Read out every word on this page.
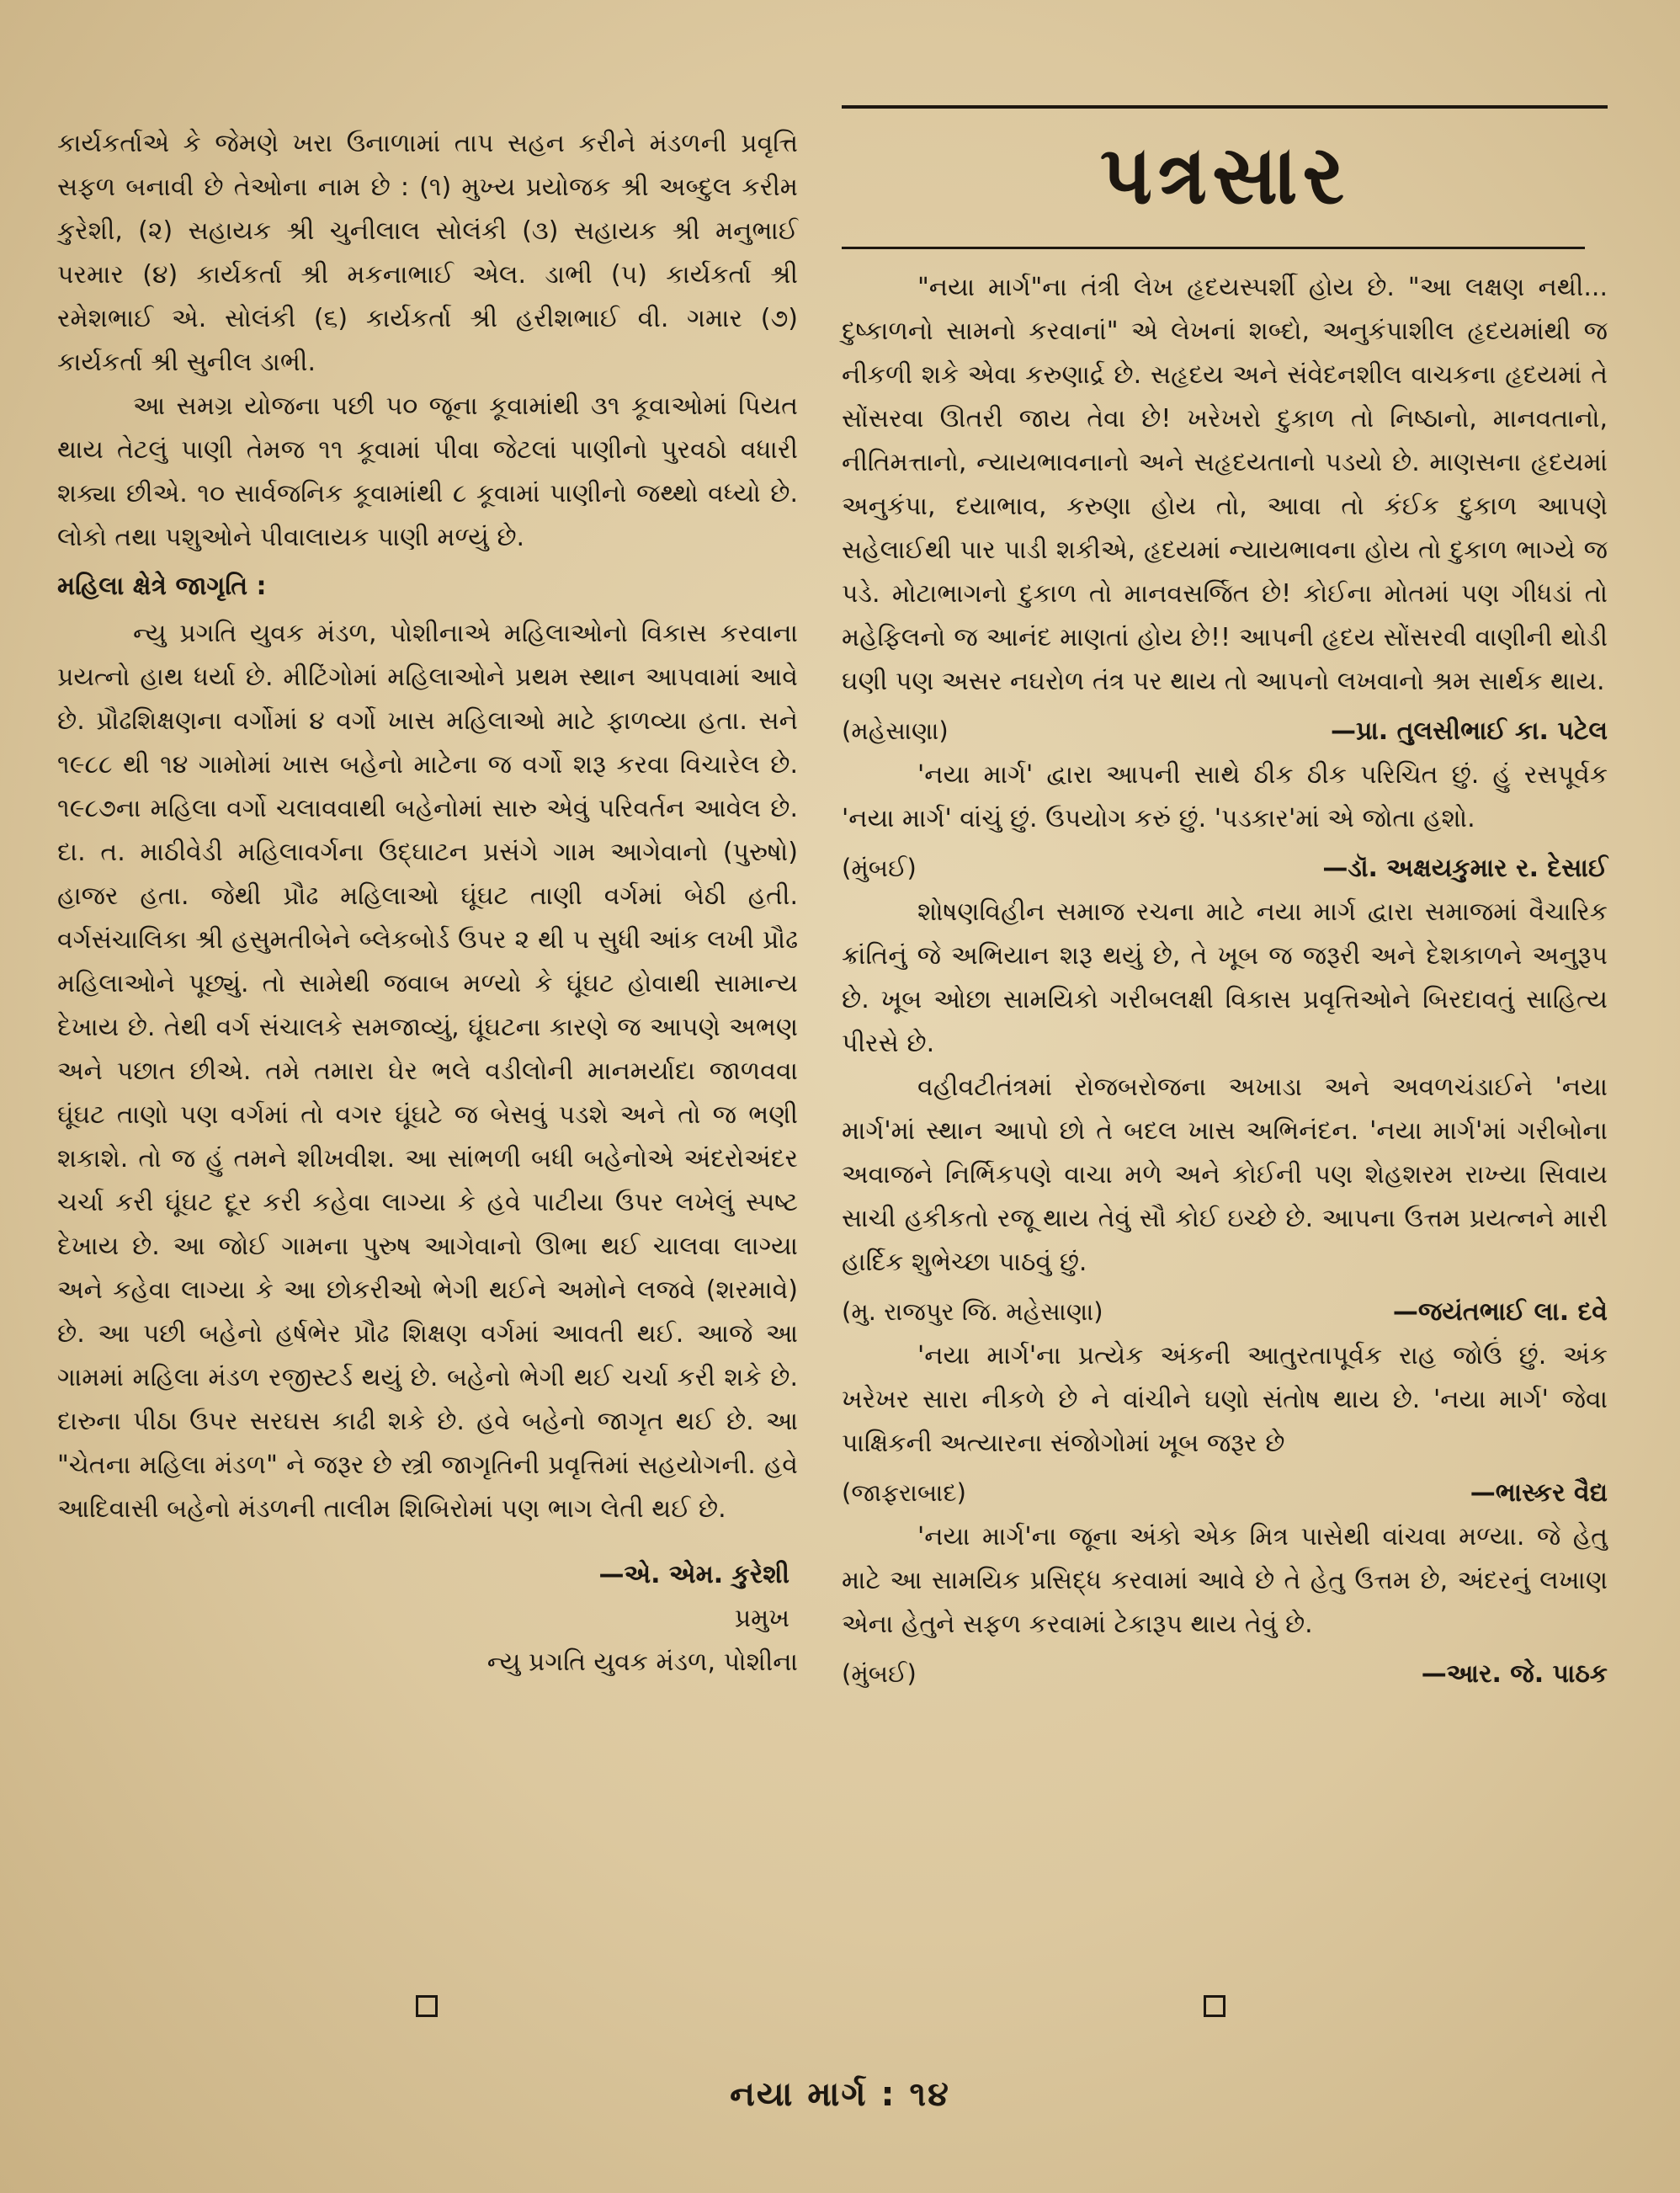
કાર્યકર્તાએ કે જેમણે ખરા ઉનાળામાં તાપ સહન કરીને મંડળની પ્રવૃત્તિ સફળ બનાવી છે તેઓના નામ છે : (૧) મુખ્ય પ્રયોજક શ્રી અબ્દુલ કરીમ કુરેશી, (૨) સહાયક શ્રી ચુનીલાલ સોલંકી (૩) સહાયક શ્રી મનુભાઈ પરમાર (૪) કાર્યકર્તા શ્રી મકનાભાઈ એલ. ડાભી (૫) કાર્યકર્તા શ્રી રમેશભાઈ એ. સોલંકી (૬) કાર્યકર્તા શ્રી હરીશભાઈ વી. ગમાર (૭) કાર્યકર્તા શ્રી સુનીલ ડાભી.

આ સમગ્ર યોજના પછી ૫૦ જૂના કૂવામાંથી ૩૧ કૂવાઓમાં પિયત થાય તેટલું પાણી તેમજ ૧૧ કૂવામાં પીવા જેટલાં પાણીનો પુરવઠો વધારી શક્યા છીએ. ૧૦ સાર્વજનિક કૂવામાંથી ૮ કૂવામાં પાણીનો જથ્થો વધ્યો છે. લોકો તથા પશુઓને પીવાલાયક પાણી મળ્યું છે.

મહિલા ક્ષેત્રે જાગૃતિ :

ન્યુ પ્રગતિ યુવક મંડળ, પોશીનાએ મહિલાઓનો વિકાસ કરવાના પ્રયત્નો હાથ ધર્યા છે. મીટિંગોમાં મહિલાઓને પ્રથમ સ્થાન આપવામાં આવે છે. પ્રૌઢશિક્ષણના વર્ગોમાં ૪ વર્ગો ખાસ મહિલાઓ માટે ફાળવ્યા હતા. સને ૧૯૮૮ થી ૧૪ ગામોમાં ખાસ બહેનો માટેના જ વર્ગો શરૂ કરવા વિચારેલ છે. ૧૯૮૭ના મહિલા વર્ગો ચલાવવાથી બહેનોમાં સારુ એવું પરિવર્તન આવેલ છે. દા. ત. માઠીવેડી મહિલાવર્ગના ઉદ્ઘાટન પ્રસંગે ગામ આગેવાનો (પુરુષો) હાજર હતા. જેથી પ્રૌઢ મહિલાઓ ઘૂંઘટ તાણી વર્ગમાં બેઠી હતી. વર્ગસંચાલિકા શ્રી હસુમતીબેને બ્લેકબોર્ડ ઉપર ૨ થી ૫ સુધી આંક લખી પ્રૌઢ મહિલાઓને પૂછ્યું. તો સામેથી જવાબ મળ્યો કે ઘૂંઘટ હોવાથી સામાન્ય દેખાય છે. તેથી વર્ગ સંચાલકે સમજાવ્યું, ઘૂંઘટના કારણે જ આપણે અભણ અને પછાત છીએ. તમે તમારા ઘેર ભલે વડીલોની માનમર્યાદા જાળવવા ઘૂંઘટ તાણો પણ વર્ગમાં તો વગર ઘૂંઘટે જ બેસવું પડશે અને તો જ ભણી શકાશે. તો જ હું તમને શીખવીશ. આ સાંભળી બધી બહેનોએ અંદરોઅંદર ચર્ચા કરી ઘૂંઘટ દૂર કરી કહેવા લાગ્યા કે હવે પાટીયા ઉપર લખેલું સ્પષ્ટ દેખાય છે. આ જોઈ ગામના પુરુષ આગેવાનો ઊભા થઈ ચાલવા લાગ્યા અને કહેવા લાગ્યા કે આ છોકરીઓ ભેગી થઈને અમોને લજવે (શરમાવે) છે. આ પછી બહેનો હર્ષભેર પ્રૌઢ શિક્ષણ વર્ગમાં આવતી થઈ. આજે આ ગામમાં મહિલા મંડળ રજીસ્ટર્ડ થયું છે. બહેનો ભેગી થઈ ચર્ચા કરી શકે છે. દારુના પીઠા ઉપર સરઘસ કાઢી શકે છે. હવે બહેનો જાગૃત થઈ છે. આ "ચેતના મહિલા મંડળ" ને જરૂર છે સ્ત્રી જાગૃતિની પ્રવૃત્તિમાં સહયોગની. હવે આદિવાસી બહેનો મંડળની તાલીમ શિબિરોમાં પણ ભાગ લેતી થઈ છે.

—એ. એમ. કુરેશી

પ્રમુખ

ન્યુ પ્રગતિ યુવક મંડળ, પોશીના

પત્રસાર

"નયા માર્ગ"ના તંત્રી લેખ હૃદયસ્પર્શી હોય છે. "આ લક્ષણ નથી... દુષ્કાળનો સામનો કરવાનાં" એ લેખનાં શબ્દો, અનુકંપાશીલ હૃદયમાંથી જ નીકળી શકે એવા કરુણાર્દ્ર છે. સહૃદય અને સંવેદનશીલ વાચકના હૃદયમાં તે સોંસરવા ઊતરી જાય તેવા છે! ખરેખરો દુકાળ તો નિષ્ઠાનો, માનવતાનો, નીતિમત્તાનો, ન્યાયભાવનાનો અને સહૃદયતાનો પડયો છે. માણસના હૃદયમાં અનુકંપા, દયાભાવ, કરુણા હોય તો, આવા તો કંઈક દુકાળ આપણે સહેલાઈથી પાર પાડી શકીએ, હૃદયમાં ન્યાયભાવના હોય તો દુકાળ ભાગ્યે જ પડે. મોટાભાગનો દુકાળ તો માનવસર્જિત છે! કોઈના મોતમાં પણ ગીધડાં તો મહેફિલનો જ આનંદ માણતાં હોય છે!! આપની હૃદય સોંસરવી વાણીની થોડી ઘણી પણ અસર નઘરોળ તંત્ર પર થાય તો આપનો લખવાનો શ્રમ સાર્થક થાય.

(મહેસાણા)	—પ્રા. તુલસીભાઈ કા. પટેલ

'નયા માર્ગ' દ્વારા આપની સાથે ઠીક ઠીક પરિચિત છું. હું રસપૂર્વક 'નયા માર્ગ' વાંચું છું. ઉપયોગ કરું છું. 'પડકાર'માં એ જોતા હશો.

(મુંબઈ)	—ડૉ. અક્ષયકુમાર ર. દેસાઈ

શોષણવિહીન સમાજ રચના માટે નયા માર્ગ દ્વારા સમાજમાં વૈચારિક ક્રાંતિનું જે અભિયાન શરૂ થયું છે, તે ખૂબ જ જરૂરી અને દેશકાળને અનુરૂપ છે. ખૂબ ઓછા સામયિકો ગરીબલક્ષી વિકાસ પ્રવૃત્તિઓને બિરદાવતું સાહિત્ય પીરસે છે.

વહીવટીતંત્રમાં રોજબરોજના અખાડા અને અવળચંડાઈને 'નયા માર્ગ'માં સ્થાન આપો છો તે બદલ ખાસ અભિનંદન. 'નયા માર્ગ'માં ગરીબોના અવાજને નિર્ભિકપણે વાચા મળે અને કોઈની પણ શેહશરમ રાખ્યા સિવાય સાચી હકીકતો રજૂ થાય તેવું સૌ કોઈ ઇચ્છે છે. આપના ઉત્તમ પ્રયત્નને મારી હાર્દિક શુભેચ્છા પાઠવું છું.

(મુ. રાજપુર જિ. મહેસાણા)	—જયંતભાઈ લા. દવે

'નયા માર્ગ'ના પ્રત્યેક અંકની આતુરતાપૂર્વક રાહ જોઉં છું. અંક ખરેખર સારા નીકળે છે ને વાંચીને ઘણો સંતોષ થાય છે. 'નયા માર્ગ' જેવા પાક્ષિકની અત્યારના સંજોગોમાં ખૂબ જરૂર છે

(જાફરાબાદ)	—ભાસ્કર વૈદ્ય

'નયા માર્ગ'ના જૂના અંકો એક મિત્ર પાસેથી વાંચવા મળ્યા. જે હેતુ માટે આ સામયિક પ્રસિદ્ધ કરવામાં આવે છે તે હેતુ ઉત્તમ છે, અંદરનું લખાણ એના હેતુને સફળ કરવામાં ટેકારૂપ થાય તેવું છે.

(મુંબઈ)	—આર. જે. પાઠક
નયા માર્ગ : ૧૪
